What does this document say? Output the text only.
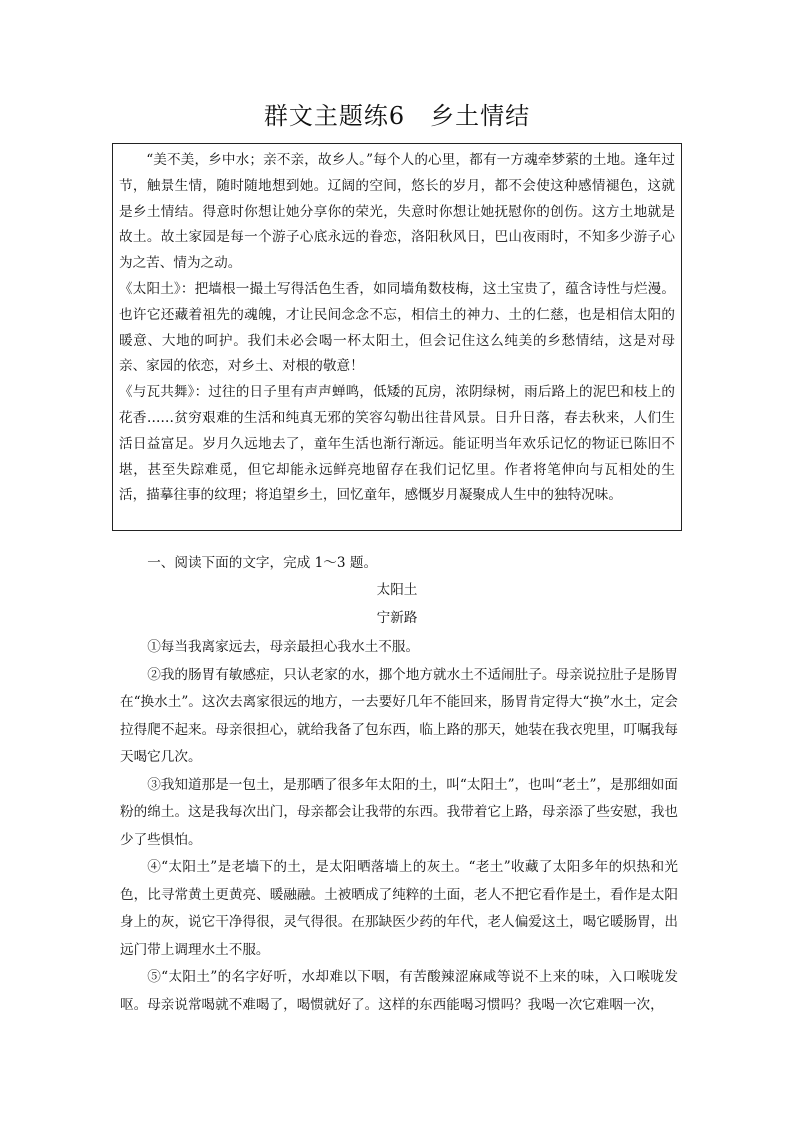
群文主题练6　乡土情结

“美不美，乡中水；亲不亲，故乡人。”每个人的心里，都有一方魂牵梦萦的土地。逢年过节，触景生情，随时随地想到她。辽阔的空间，悠长的岁月，都不会使这种感情褪色，这就是乡土情结。得意时你想让她分享你的荣光，失意时你想让她抚慰你的创伤。这方土地就是故土。故土家园是每一个游子心底永远的眷恋，洛阳秋风日，巴山夜雨时，不知多少游子心为之苦、情为之动。

《太阳土》：把墙根一撮土写得活色生香，如同墙角数枝梅，这土宝贵了，蕴含诗性与烂漫。也许它还藏着祖先的魂魄，才让民间念念不忘，相信土的神力、土的仁慈，也是相信太阳的暖意、大地的呵护。我们未必会喝一杯太阳土，但会记住这么纯美的乡愁情结，这是对母亲、家园的依恋，对乡土、对根的敬意！

《与瓦共舞》：过往的日子里有声声蝉鸣，低矮的瓦房，浓阴绿树，雨后路上的泥巴和枝上的花香……贫穷艰难的生活和纯真无邪的笑容勾勒出往昔风景。日升日落，春去秋来，人们生活日益富足。岁月久远地去了，童年生活也渐行渐远。能证明当年欢乐记忆的物证已陈旧不堪，甚至失踪难觅，但它却能永远鲜亮地留存在我们记忆里。作者将笔伸向与瓦相处的生活，描摹往事的纹理；将追望乡土，回忆童年，感慨岁月凝聚成人生中的独特况味。

一、阅读下面的文字，完成 1～3 题。
太阳土
宁新路

①每当我离家远去，母亲最担心我水土不服。

②我的肠胃有敏感症，只认老家的水，挪个地方就水土不适闹肚子。母亲说拉肚子是肠胃在“换水土”。这次去离家很远的地方，一去要好几年不能回来，肠胃肯定得大“换”水土，定会拉得爬不起来。母亲很担心，就给我备了包东西，临上路的那天，她装在我衣兜里，叮嘱我每天喝它几次。

③我知道那是一包土，是那晒了很多年太阳的土，叫“太阳土”，也叫“老土”，是那细如面粉的绵土。这是我每次出门，母亲都会让我带的东西。我带着它上路，母亲添了些安慰，我也少了些惧怕。

④“太阳土”是老墙下的土，是太阳晒落墙上的灰土。“老土”收藏了太阳多年的炽热和光色，比寻常黄土更黄亮、暖融融。土被晒成了纯粹的土面，老人不把它看作是土，看作是太阳身上的灰，说它干净得很，灵气得很。在那缺医少药的年代，老人偏爱这土，喝它暖肠胃，出远门带上调理水土不服。

⑤“太阳土”的名字好听，水却难以下咽，有苦酸辣涩麻咸等说不上来的味，入口喉咙发呕。母亲说常喝就不难喝了，喝惯就好了。这样的东西能喝习惯吗？我喝一次它难咽一次，
